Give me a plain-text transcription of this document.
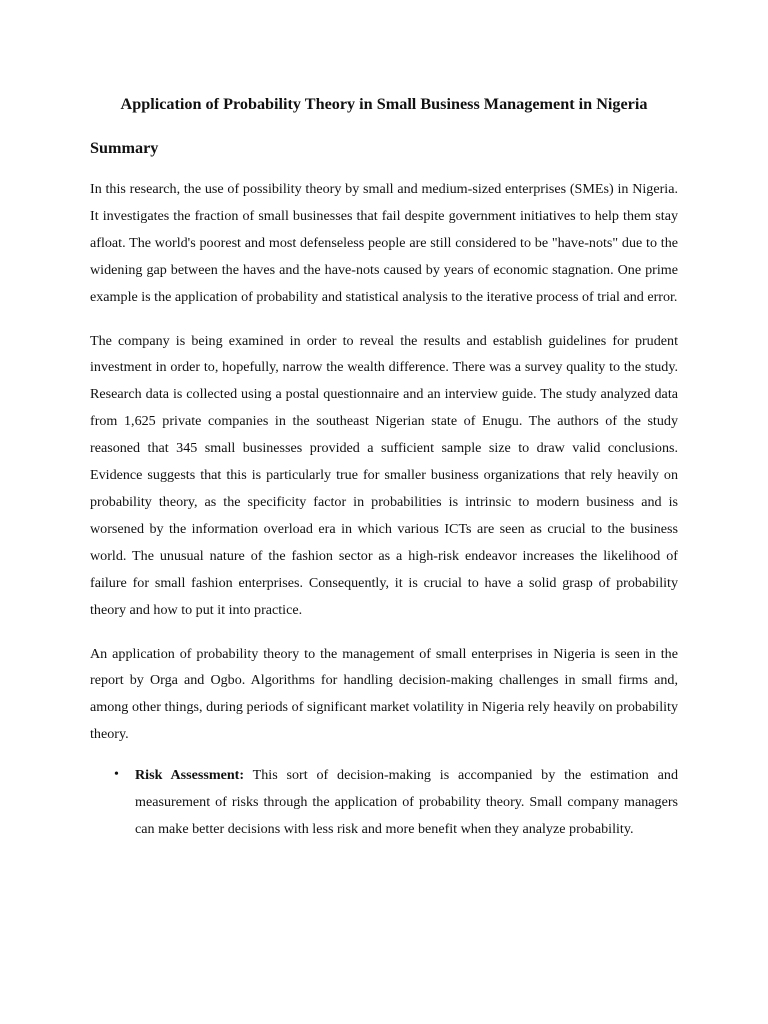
Application of Probability Theory in Small Business Management in Nigeria
Summary

In this research, the use of possibility theory by small and medium-sized enterprises (SMEs) in Nigeria. It investigates the fraction of small businesses that fail despite government initiatives to help them stay afloat. The world's poorest and most defenseless people are still considered to be "have-nots" due to the widening gap between the haves and the have-nots caused by years of economic stagnation. One prime example is the application of probability and statistical analysis to the iterative process of trial and error.

The company is being examined in order to reveal the results and establish guidelines for prudent investment in order to, hopefully, narrow the wealth difference. There was a survey quality to the study. Research data is collected using a postal questionnaire and an interview guide. The study analyzed data from 1,625 private companies in the southeast Nigerian state of Enugu. The authors of the study reasoned that 345 small businesses provided a sufficient sample size to draw valid conclusions. Evidence suggests that this is particularly true for smaller business organizations that rely heavily on probability theory, as the specificity factor in probabilities is intrinsic to modern business and is worsened by the information overload era in which various ICTs are seen as crucial to the business world. The unusual nature of the fashion sector as a high-risk endeavor increases the likelihood of failure for small fashion enterprises. Consequently, it is crucial to have a solid grasp of probability theory and how to put it into practice.

An application of probability theory to the management of small enterprises in Nigeria is seen in the report by Orga and Ogbo. Algorithms for handling decision-making challenges in small firms and, among other things, during periods of significant market volatility in Nigeria rely heavily on probability theory.

• Risk Assessment: This sort of decision-making is accompanied by the estimation and measurement of risks through the application of probability theory. Small company managers can make better decisions with less risk and more benefit when they analyze probability.
